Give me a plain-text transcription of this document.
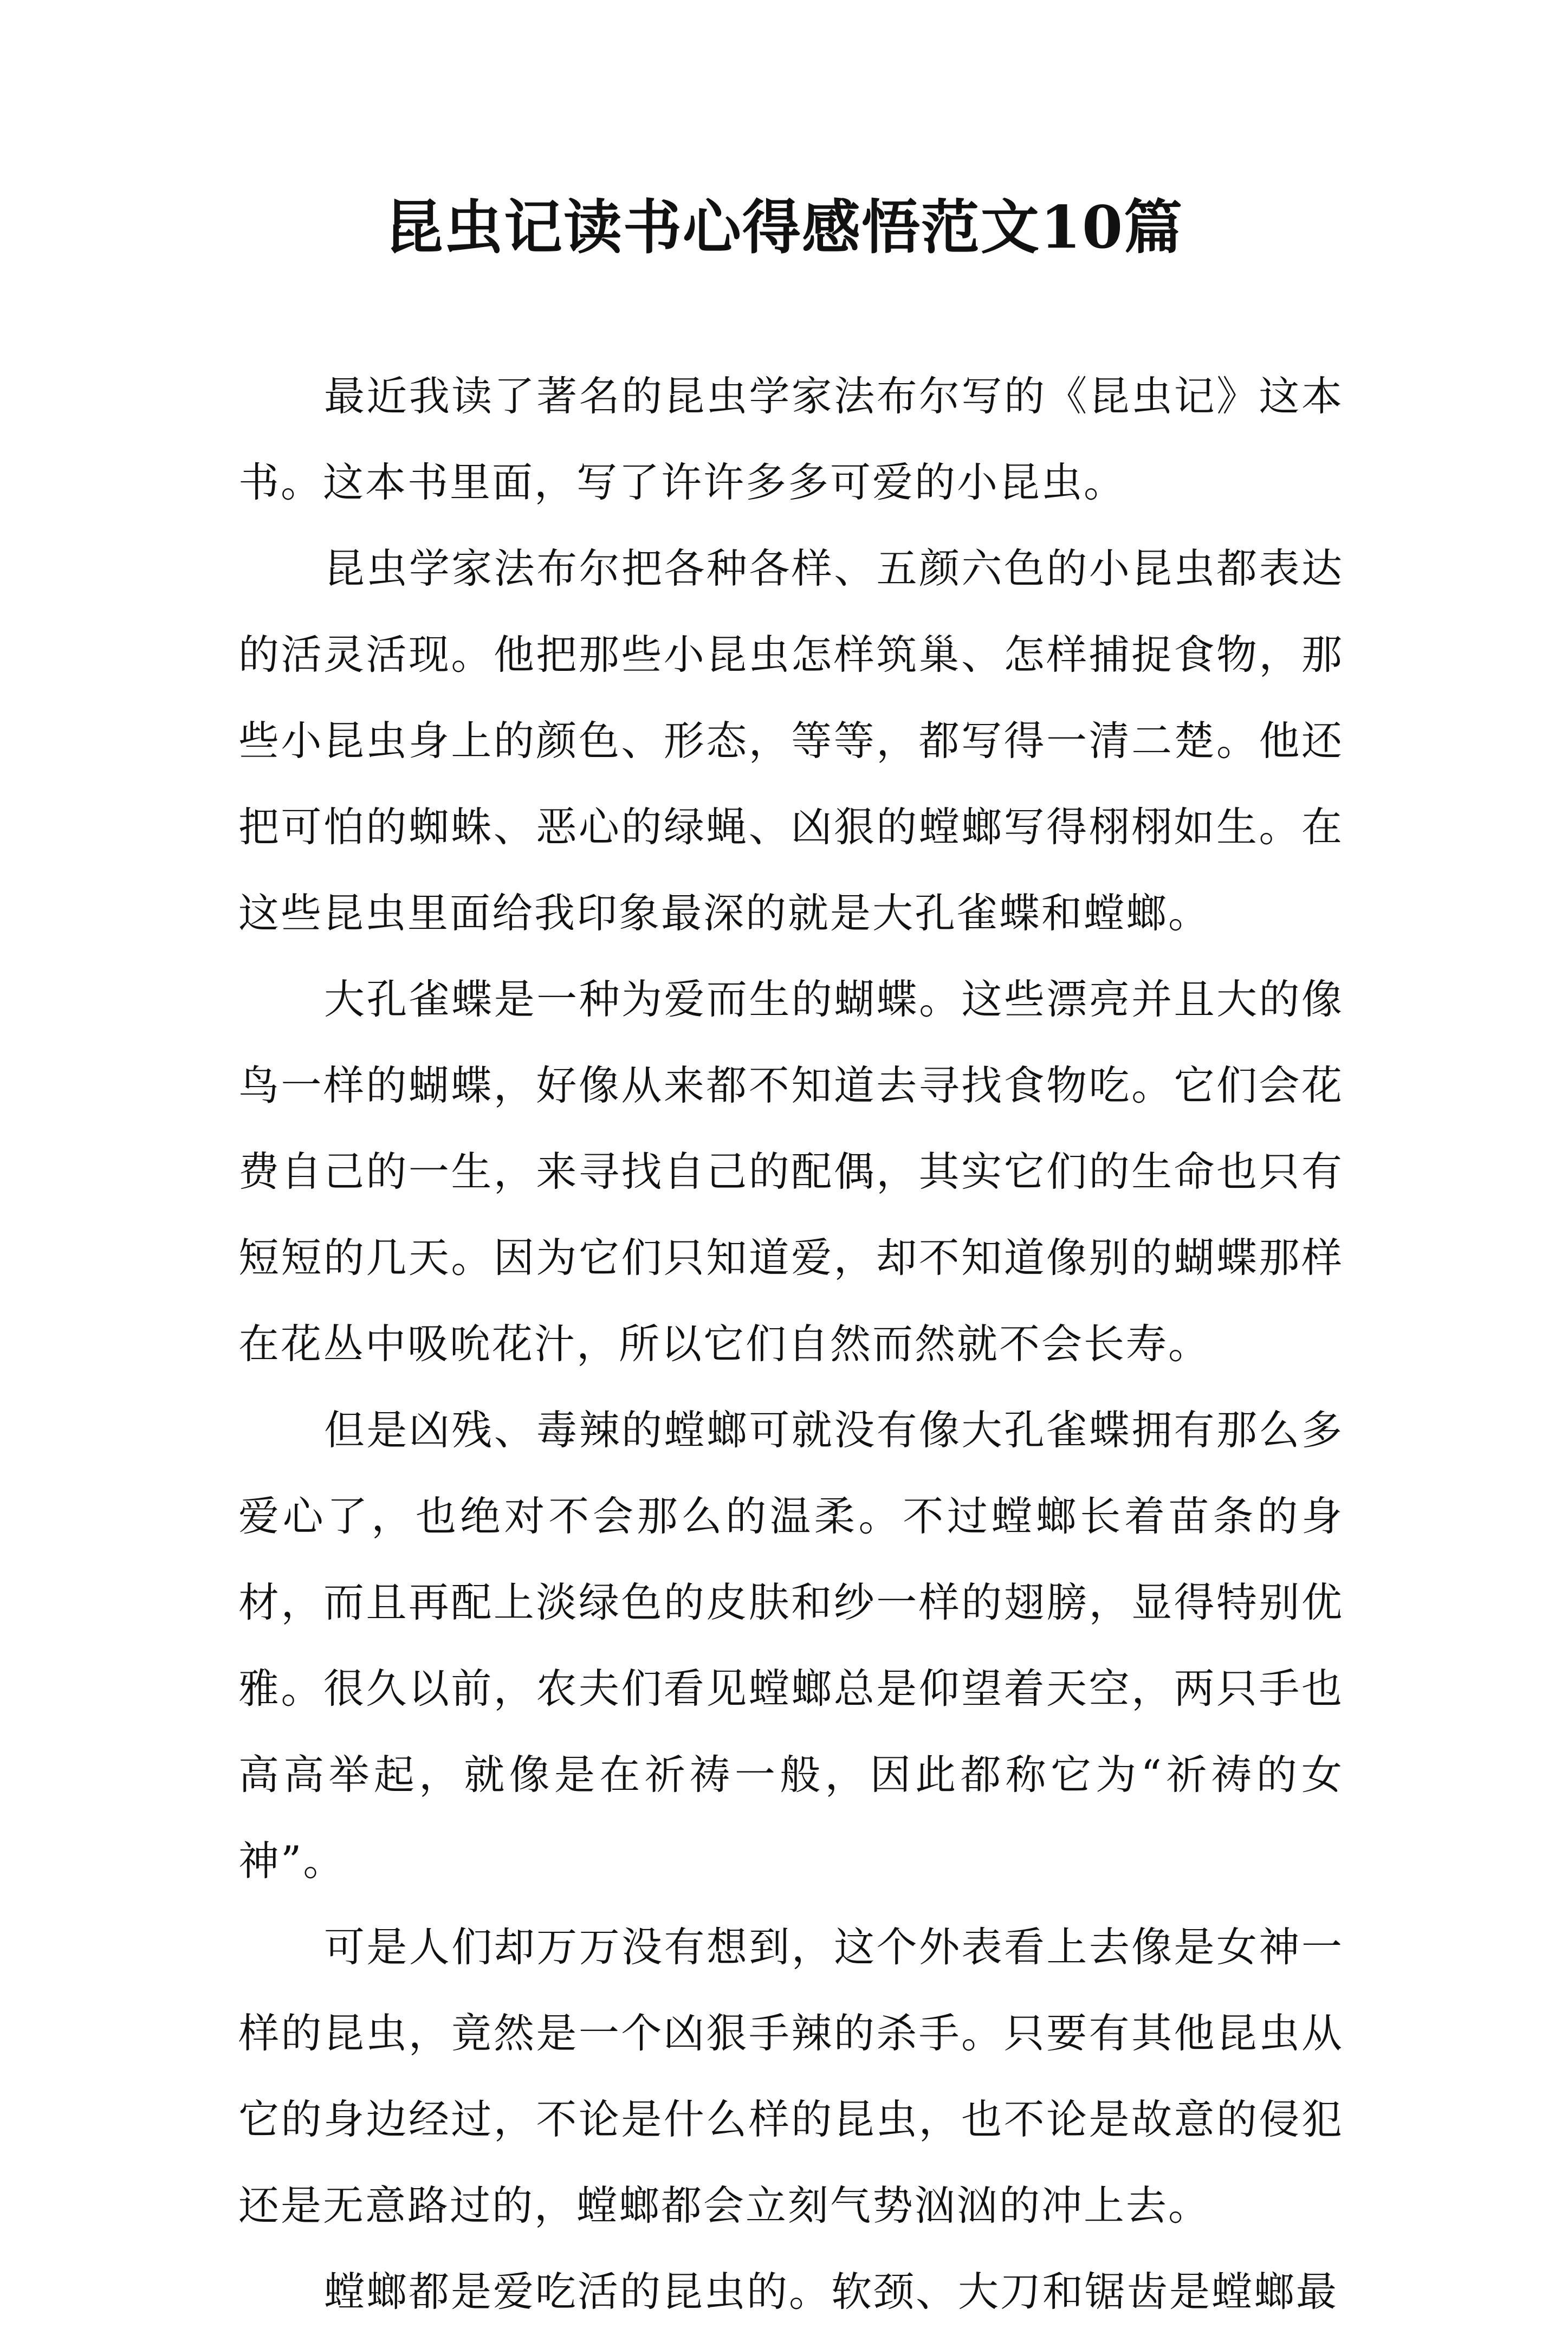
昆虫记读书心得感悟范文10篇

最近我读了著名的昆虫学家法布尔写的《昆虫记》这本书。这本书里面，写了许许多多可爱的小昆虫。

昆虫学家法布尔把各种各样、五颜六色的小昆虫都表达的活灵活现。他把那些小昆虫怎样筑巢、怎样捕捉食物，那些小昆虫身上的颜色、形态，等等，都写得一清二楚。他还把可怕的蜘蛛、恶心的绿蝇、凶狠的螳螂写得栩栩如生。在这些昆虫里面给我印象最深的就是大孔雀蝶和螳螂。

大孔雀蝶是一种为爱而生的蝴蝶。这些漂亮并且大的像鸟一样的蝴蝶，好像从来都不知道去寻找食物吃。它们会花费自己的一生，来寻找自己的配偶，其实它们的生命也只有短短的几天。因为它们只知道爱，却不知道像别的蝴蝶那样在花丛中吸吮花汁，所以它们自然而然就不会长寿。

但是凶残、毒辣的螳螂可就没有像大孔雀蝶拥有那么多爱心了，也绝对不会那么的温柔。不过螳螂长着苗条的身材，而且再配上淡绿色的皮肤和纱一样的翅膀，显得特别优雅。很久以前，农夫们看见螳螂总是仰望着天空，两只手也高高举起，就像是在祈祷一般，因此都称它为“祈祷的女神”。

可是人们却万万没有想到，这个外表看上去像是女神一样的昆虫，竟然是一个凶狠手辣的杀手。只要有其他昆虫从它的身边经过，不论是什么样的昆虫，也不论是故意的侵犯还是无意路过的，螳螂都会立刻气势汹汹的冲上去。

螳螂都是爱吃活的昆虫的。软颈、大刀和锯齿是螳螂最
